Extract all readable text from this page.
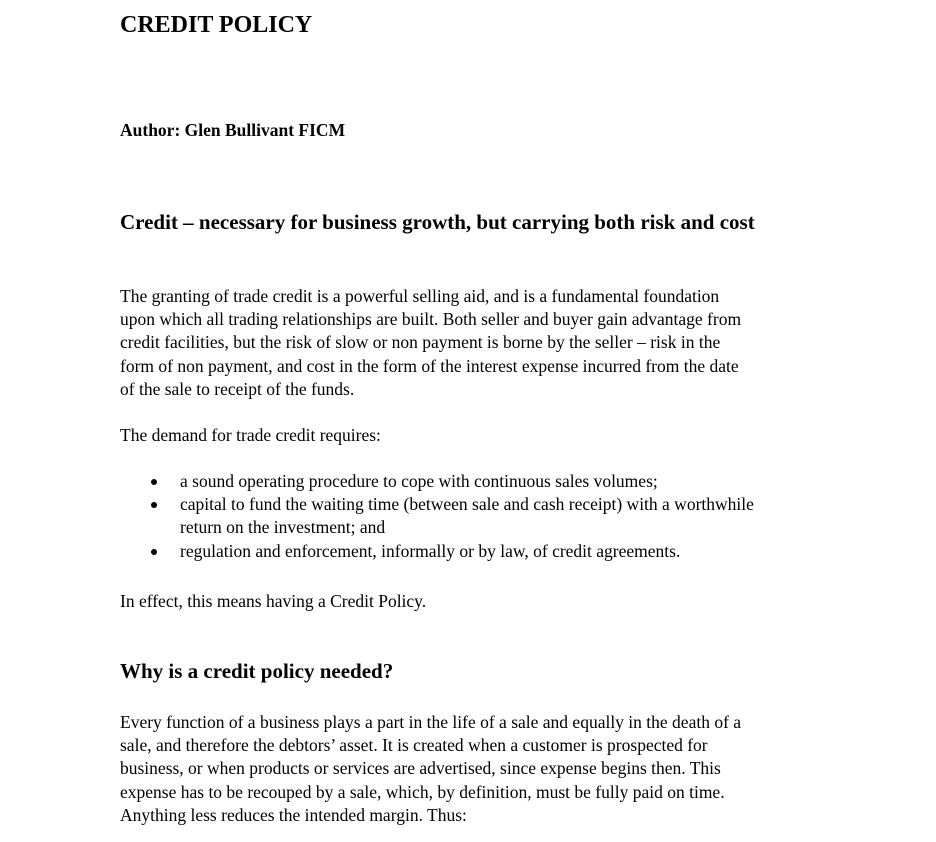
CREDIT POLICY

Author: Glen Bullivant FICM

Credit – necessary for business growth, but carrying both risk and cost

The granting of trade credit is a powerful selling aid, and is a fundamental foundation
upon which all trading relationships are built. Both seller and buyer gain advantage from
credit facilities, but the risk of slow or non payment is borne by the seller – risk in the
form of non payment, and cost in the form of the interest expense incurred from the date
of the sale to receipt of the funds.

The demand for trade credit requires:

a sound operating procedure to cope with continuous sales volumes;
capital to fund the waiting time (between sale and cash receipt) with a worthwhile
return on the investment; and
regulation and enforcement, informally or by law, of credit agreements.

In effect, this means having a Credit Policy.

Why is a credit policy needed?

Every function of a business plays a part in the life of a sale and equally in the death of a
sale, and therefore the debtors’ asset. It is created when a customer is prospected for
business, or when products or services are advertised, since expense begins then. This
expense has to be recouped by a sale, which, by definition, must be fully paid on time.
Anything less reduces the intended margin. Thus:
